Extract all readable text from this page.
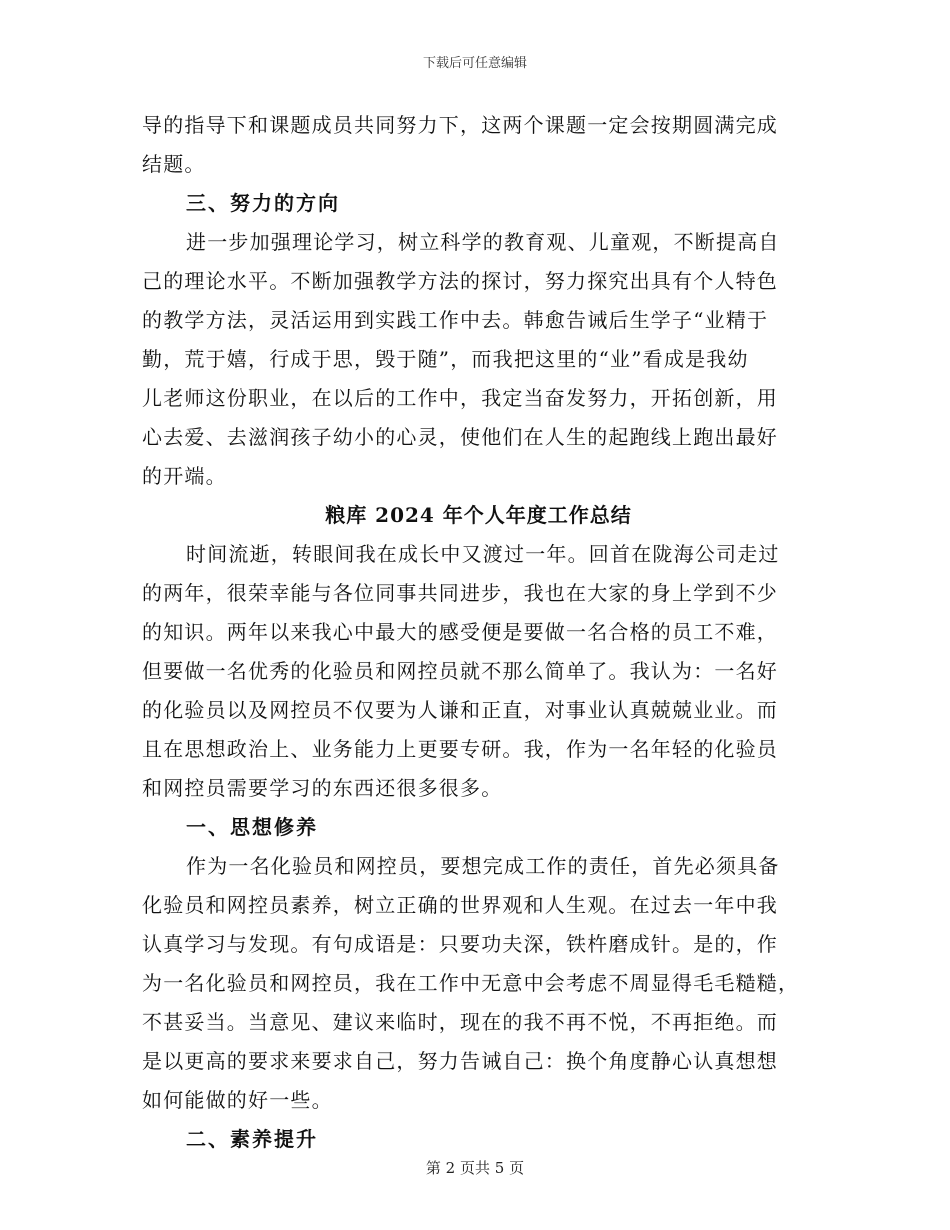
下载后可任意编辑
导的指导下和课题成员共同努力下，这两个课题一定会按期圆满完成
结题。
三、努力的方向
进一步加强理论学习，树立科学的教育观、儿童观，不断提高自
己的理论水平。不断加强教学方法的探讨，努力探究出具有个人特色
的教学方法，灵活运用到实践工作中去。韩愈告诫后生学子“业精于
勤，荒于嬉，行成于思，毁于随”，而我把这里的“业”看成是我幼
儿老师这份职业，在以后的工作中，我定当奋发努力，开拓创新，用
心去爱、去滋润孩子幼小的心灵，使他们在人生的起跑线上跑出最好
的开端。
粮库 2024 年个人年度工作总结
时间流逝，转眼间我在成长中又渡过一年。回首在陇海公司走过
的两年，很荣幸能与各位同事共同进步，我也在大家的身上学到不少
的知识。两年以来我心中最大的感受便是要做一名合格的员工不难，
但要做一名优秀的化验员和网控员就不那么简单了。我认为：一名好
的化验员以及网控员不仅要为人谦和正直，对事业认真兢兢业业。而
且在思想政治上、业务能力上更要专研。我，作为一名年轻的化验员
和网控员需要学习的东西还很多很多。
一、思想修养
作为一名化验员和网控员，要想完成工作的责任，首先必须具备
化验员和网控员素养，树立正确的世界观和人生观。在过去一年中我
认真学习与发现。有句成语是：只要功夫深，铁杵磨成针。是的，作
为一名化验员和网控员，我在工作中无意中会考虑不周显得毛毛糙糙，
不甚妥当。当意见、建议来临时，现在的我不再不悦，不再拒绝。而
是以更高的要求来要求自己，努力告诫自己：换个角度静心认真想想
如何能做的好一些。
二、素养提升
第 2 页共 5 页
